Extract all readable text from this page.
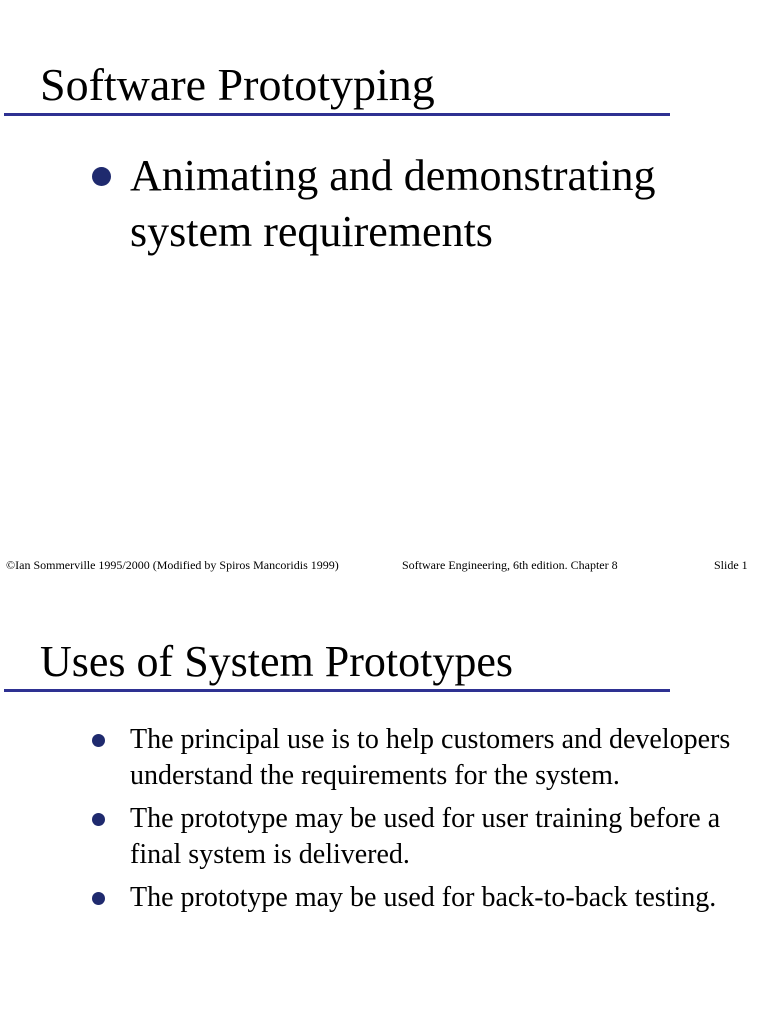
Software Prototyping
Animating and demonstrating system requirements
©Ian Sommerville 1995/2000 (Modified by Spiros Mancoridis 1999)	Software Engineering, 6th edition. Chapter 8	Slide 1
Uses of System Prototypes
The principal use is to help customers and developers understand the requirements for the system.
The prototype may be used for user training before a final system is delivered.
The prototype may be used for back-to-back testing.
